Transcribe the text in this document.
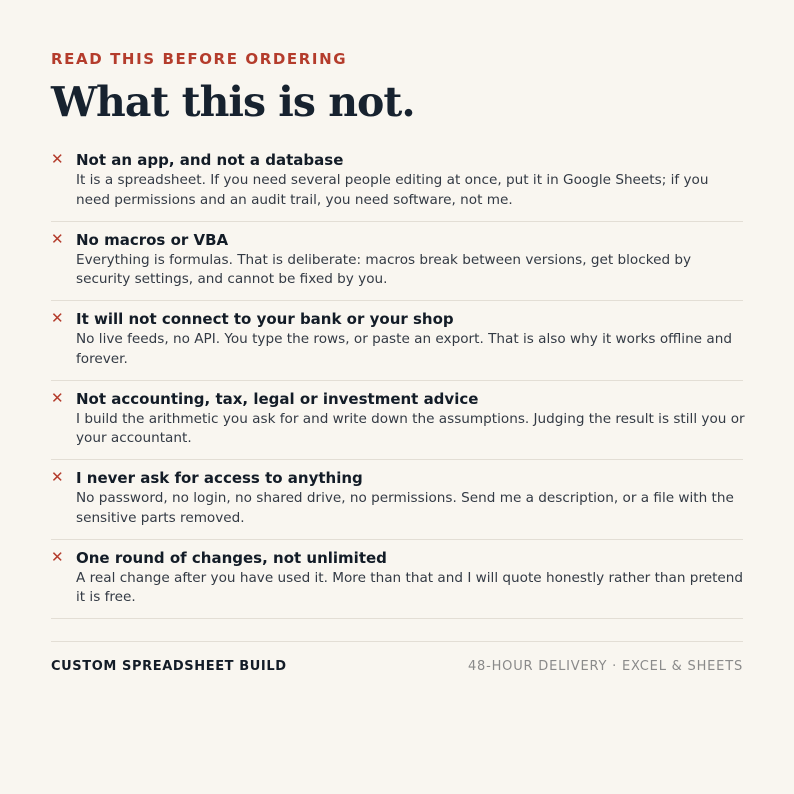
READ THIS BEFORE ORDERING
What this is not.
✕ Not an app, and not a database
It is a spreadsheet. If you need several people editing at once, put it in Google Sheets; if you need permissions and an audit trail, you need software, not me.
✕ No macros or VBA
Everything is formulas. That is deliberate: macros break between versions, get blocked by security settings, and cannot be fixed by you.
✕ It will not connect to your bank or your shop
No live feeds, no API. You type the rows, or paste an export. That is also why it works offline and forever.
✕ Not accounting, tax, legal or investment advice
I build the arithmetic you ask for and write down the assumptions. Judging the result is still you or your accountant.
✕ I never ask for access to anything
No password, no login, no shared drive, no permissions. Send me a description, or a file with the sensitive parts removed.
✕ One round of changes, not unlimited
A real change after you have used it. More than that and I will quote honestly rather than pretend it is free.
CUSTOM SPREADSHEET BUILD	48-HOUR DELIVERY · EXCEL & SHEETS
